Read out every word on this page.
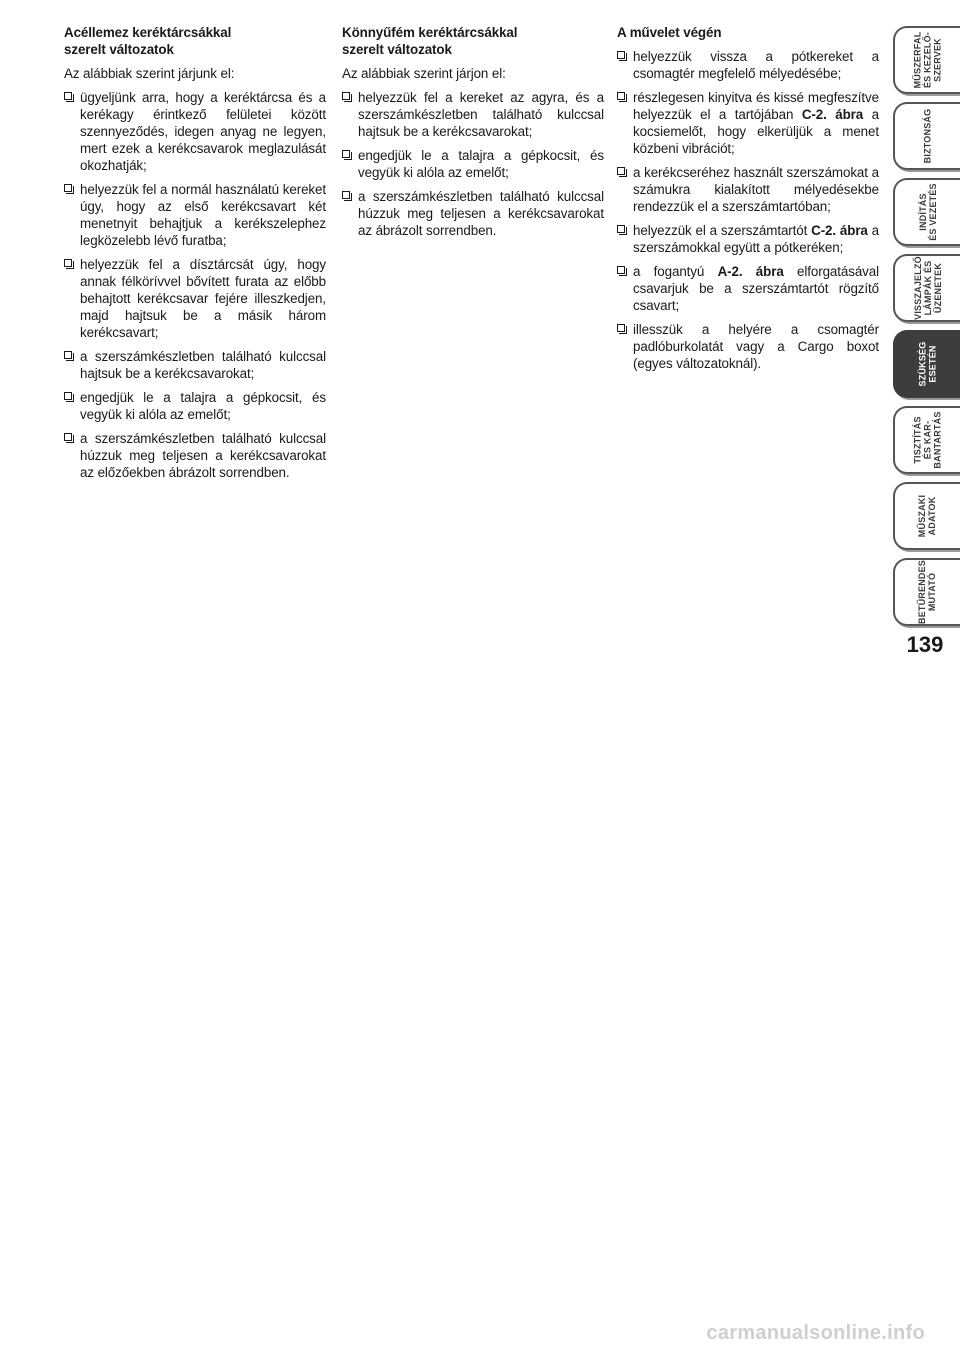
Acéllemez keréktárcsákkal
szerelt változatok

Az alábbiak szerint járjunk el:

ügyeljünk arra, hogy a keréktárcsa és a kerékagy érintkező felületei között szennyeződés, idegen anyag ne legyen, mert ezek a kerékcsavarok meglazulását okozhatják;
helyezzük fel a normál használatú kereket úgy, hogy az első kerékcsavart két menetnyit behajtjuk a kerékszelephez legközelebb lévő furatba;
helyezzük fel a dísztárcsát úgy, hogy annak félkörívvel bővített furata az előbb behajtott kerékcsavar fejére illeszkedjen, majd hajtsuk be a másik három kerékcsavart;
a szerszámkészletben található kulccsal hajtsuk be a kerékcsavarokat;
engedjük le a talajra a gépkocsit, és vegyük ki alóla az emelőt;
a szerszámkészletben található kulccsal húzzuk meg teljesen a kerékcsavarokat az előzőekben ábrázolt sorrendben.
Könnyűfém keréktárcsákkal
szerelt változatok

Az alábbiak szerint járjon el:

helyezzük fel a kereket az agyra, és a szerszámkészletben található kulccsal hajtsuk be a kerékcsavarokat;
engedjük le a talajra a gépkocsit, és vegyük ki alóla az emelőt;
a szerszámkészletben található kulccsal húzzuk meg teljesen a kerékcsavarokat az ábrázolt sorrendben.
A művelet végén
helyezzük vissza a pótkereket a csomagtér megfelelő mélyedésébe;
részlegesen kinyitva és kissé megfeszítve helyezzük el a tartójában C-2. ábra a kocsiemelőt, hogy elkerüljük a menet közbeni vibrációt;
a kerékcseréhez használt szerszámokat a számukra kialakított mélyedésekbe rendezzük el a szerszámtartóban;
helyezzük el a szerszámtartót C-2. ábra a szerszámokkal együtt a pótkeréken;
a fogantyú A-2. ábra elforgatásával csavarjuk be a szerszámtartót rögzítő csavart;
illesszük a helyére a csomagtér padlóburkolatát vagy a Cargo boxot (egyes változatoknál).
MŰSZERFAL
ÉS KEZELŐ-
SZERVEK
BIZTONSÁG
INDÍTÁS
ÉS VEZETÉS
VISSZAJELZŐ
LÁMPÁK ÉS
ÜZENETEK
SZÜKSÉG
ESETÉN
TISZTÍTÁS
ÉS KAR-
BANTARTÁS
MŰSZAKI
ADATOK
BETŰRENDES
MUTATÓ
139
carmanualsonline.info
